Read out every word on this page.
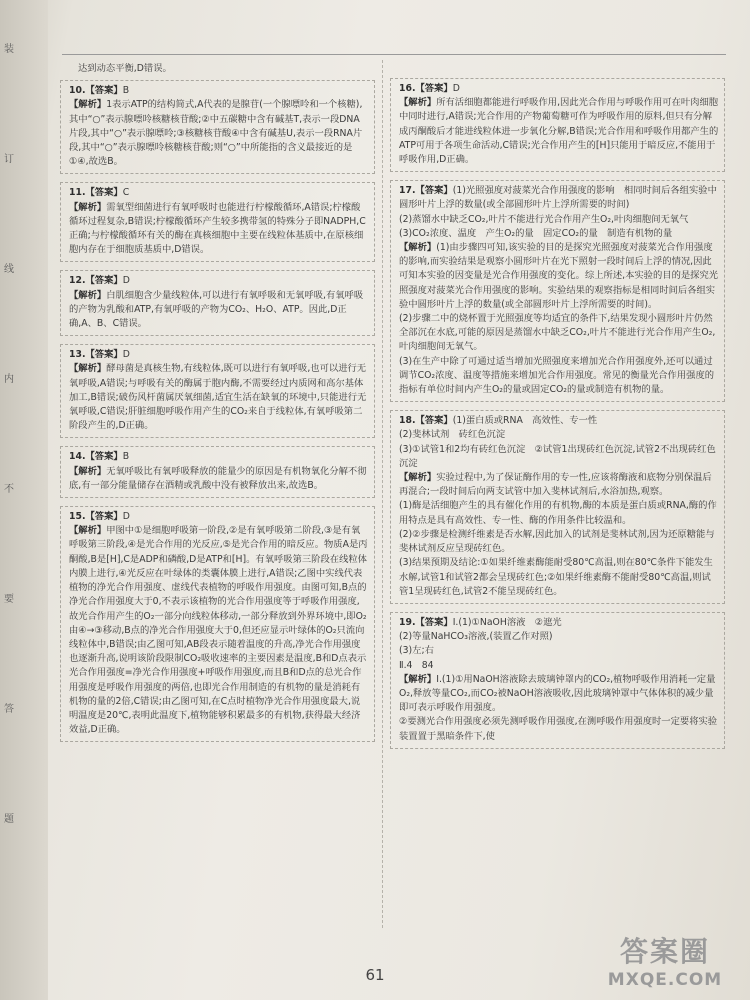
装
订
线
内
不
要
答
题
达到动态平衡,D错误。
10.【答案】B
【解析】1表示ATP的结构简式,A代表的是腺苷(一个腺嘌呤和一个核糖),其中“○”表示腺嘌呤核糖核苷酸;②中五碳糖中含有碱基T,表示一段DNA片段,其中“○”表示腺嘌呤;③核糖核苷酸④中含有碱基U,表示一段RNA片段,其中“○”表示腺嘌呤核糖核苷酸;则“○”中所能指的含义最接近的是①④,故选B。
11.【答案】C
【解析】需氧型细菌进行有氧呼吸时也能进行柠檬酸循环,A错误;柠檬酸循环过程复杂,B错误;柠檬酸循环产生较多携带氢的特殊分子即NADPH,C正确;与柠檬酸循环有关的酶在真核细胞中主要在线粒体基质中,在原核细胞内存在于细胞质基质中,D错误。
12.【答案】D
【解析】白肌细胞含少量线粒体,可以进行有氧呼吸和无氧呼吸,有氧呼吸的产物为乳酸和ATP,有氧呼吸的产物为CO₂、H₂O、ATP。因此,D正确,A、B、C错误。
13.【答案】D
【解析】酵母菌是真核生物,有线粒体,既可以进行有氧呼吸,也可以进行无氧呼吸,A错误;与呼吸有关的酶属于胞内酶,不需要经过内质网和高尔基体加工,B错误;破伤风杆菌属厌氧细菌,适宜生活在缺氧的环境中,只能进行无氧呼吸,C错误;肝脏细胞呼吸作用产生的CO₂来自于线粒体,有氧呼吸第二阶段产生的,D正确。
14.【答案】B
【解析】无氧呼吸比有氧呼吸释放的能量少的原因是有机物氧化分解不彻底,有一部分能量储存在酒精或乳酸中没有被释放出来,故选B。
15.【答案】D
【解析】甲图中①是细胞呼吸第一阶段,②是有氧呼吸第二阶段,③是有氧呼吸第三阶段,④是光合作用的光反应,⑤是光合作用的暗反应。物质A是丙酮酸,B是[H],C是ADP和磷酸,D是ATP和[H]。有氧呼吸第三阶段在线粒体内膜上进行,④光反应在叶绿体的类囊体膜上进行,A错误;乙图中实线代表植物的净光合作用强度、虚线代表植物的呼吸作用强度。由图可知,B点的净光合作用强度大于0,不表示该植物的光合作用强度等于呼吸作用强度,故光合作用产生的O₂一部分向线粒体移动,一部分释放到外界环境中,即O₂由④→③移动,B点的净光合作用强度大于0,但还应显示叶绿体的O₂只流向线粒体中,B错误;由乙图可知,AB段表示随着温度的升高,净光合作用强度也逐渐升高,说明该阶段限制CO₂吸收速率的主要因素是温度,B和D点表示光合作用强度=净光合作用强度+呼吸作用强度,而且B和D点的总光合作用强度是呼吸作用强度的两倍,也即光合作用制造的有机物的量是消耗有机物的量的2倍,C错误;由乙图可知,在C点时植物净光合作用强度最大,说明温度是20℃,表明此温度下,植物能够积累最多的有机物,获得最大经济效益,D正确。
16.【答案】D
【解析】所有活细胞都能进行呼吸作用,因此光合作用与呼吸作用可在叶肉细胞中同时进行,A错误;光合作用的产物葡萄糖可作为呼吸作用的原料,但只有分解成丙酮酸后才能进线粒体进一步氧化分解,B错误;光合作用和呼吸作用都产生的ATP可用于各项生命活动,C错误;光合作用产生的[H]只能用于暗反应,不能用于呼吸作用,D正确。
17.【答案】(1)光照强度对菠菜光合作用强度的影响　相同时间后各组实验中圆形叶片上浮的数量(或全部圆形叶片上浮所需要的时间)
(2)蒸馏水中缺乏CO₂,叶片不能进行光合作用产生O₂,叶肉细胞间无氧气
(3)CO₂浓度、温度　产生O₂的量　固定CO₂的量　制造有机物的量
【解析】(1)由步骤四可知,该实验的目的是探究光照强度对菠菜光合作用强度的影响,而实验结果是观察小圆形叶片在光下照射一段时间后上浮的情况,因此可知本实验的因变量是光合作用强度的变化。综上所述,本实验的目的是探究光照强度对菠菜光合作用强度的影响。实验结果的观察指标是相同时间后各组实验中圆形叶片上浮的数量(或全部圆形叶片上浮所需要的时间)。
(2)步骤二中的烧杯置于光照强度等均适宜的条件下,结果发现小圆形叶片仍然全部沉在水底,可能的原因是蒸馏水中缺乏CO₂,叶片不能进行光合作用产生O₂,叶肉细胞间无氧气。
(3)在生产中除了可通过适当增加光照强度来增加光合作用强度外,还可以通过调节CO₂浓度、温度等措施来增加光合作用强度。常见的衡量光合作用强度的指标有单位时间内产生O₂的量或固定CO₂的量或制造有机物的量。
18.【答案】(1)蛋白质或RNA　高效性、专一性
(2)斐林试剂　砖红色沉淀
(3)①试管1和2均有砖红色沉淀　②试管1出现砖红色沉淀,试管2不出现砖红色沉淀
【解析】实验过程中,为了保证酶作用的专一性,应该将酶液和底物分别保温后再混合;一段时间后向两支试管中加入斐林试剂后,水浴加热,观察。
(1)酶是活细胞产生的具有催化作用的有机物,酶的本质是蛋白质或RNA,酶的作用特点是具有高效性、专一性、酶的作用条件比较温和。
(2)②步骤是检测纤维素是否水解,因此加入的试剂是斐林试剂,因为还原糖能与斐林试剂反应呈现砖红色。
(3)结果预期及结论:①如果纤维素酶能耐受80℃高温,则在80℃条件下能发生水解,试管1和试管2都会呈现砖红色;②如果纤维素酶不能耐受80℃高温,则试管1呈现砖红色,试管2不能呈现砖红色。
19.【答案】Ⅰ.(1)①NaOH溶液　②遮光
(2)等量NaHCO₃溶液,(装置乙作对照)
(3)左;右
Ⅱ.4　84
【解析】Ⅰ.(1)①用NaOH溶液除去玻璃钟罩内的CO₂,植物呼吸作用消耗一定量O₂,释放等量CO₂,而CO₂被NaOH溶液吸收,因此玻璃钟罩中气体体积的减少量即可表示呼吸作用强度。
②要测光合作用强度必须先测呼吸作用强度,在测呼吸作用强度时一定要将实验装置置于黑暗条件下,使
61
答案圈
MXQE.COM
